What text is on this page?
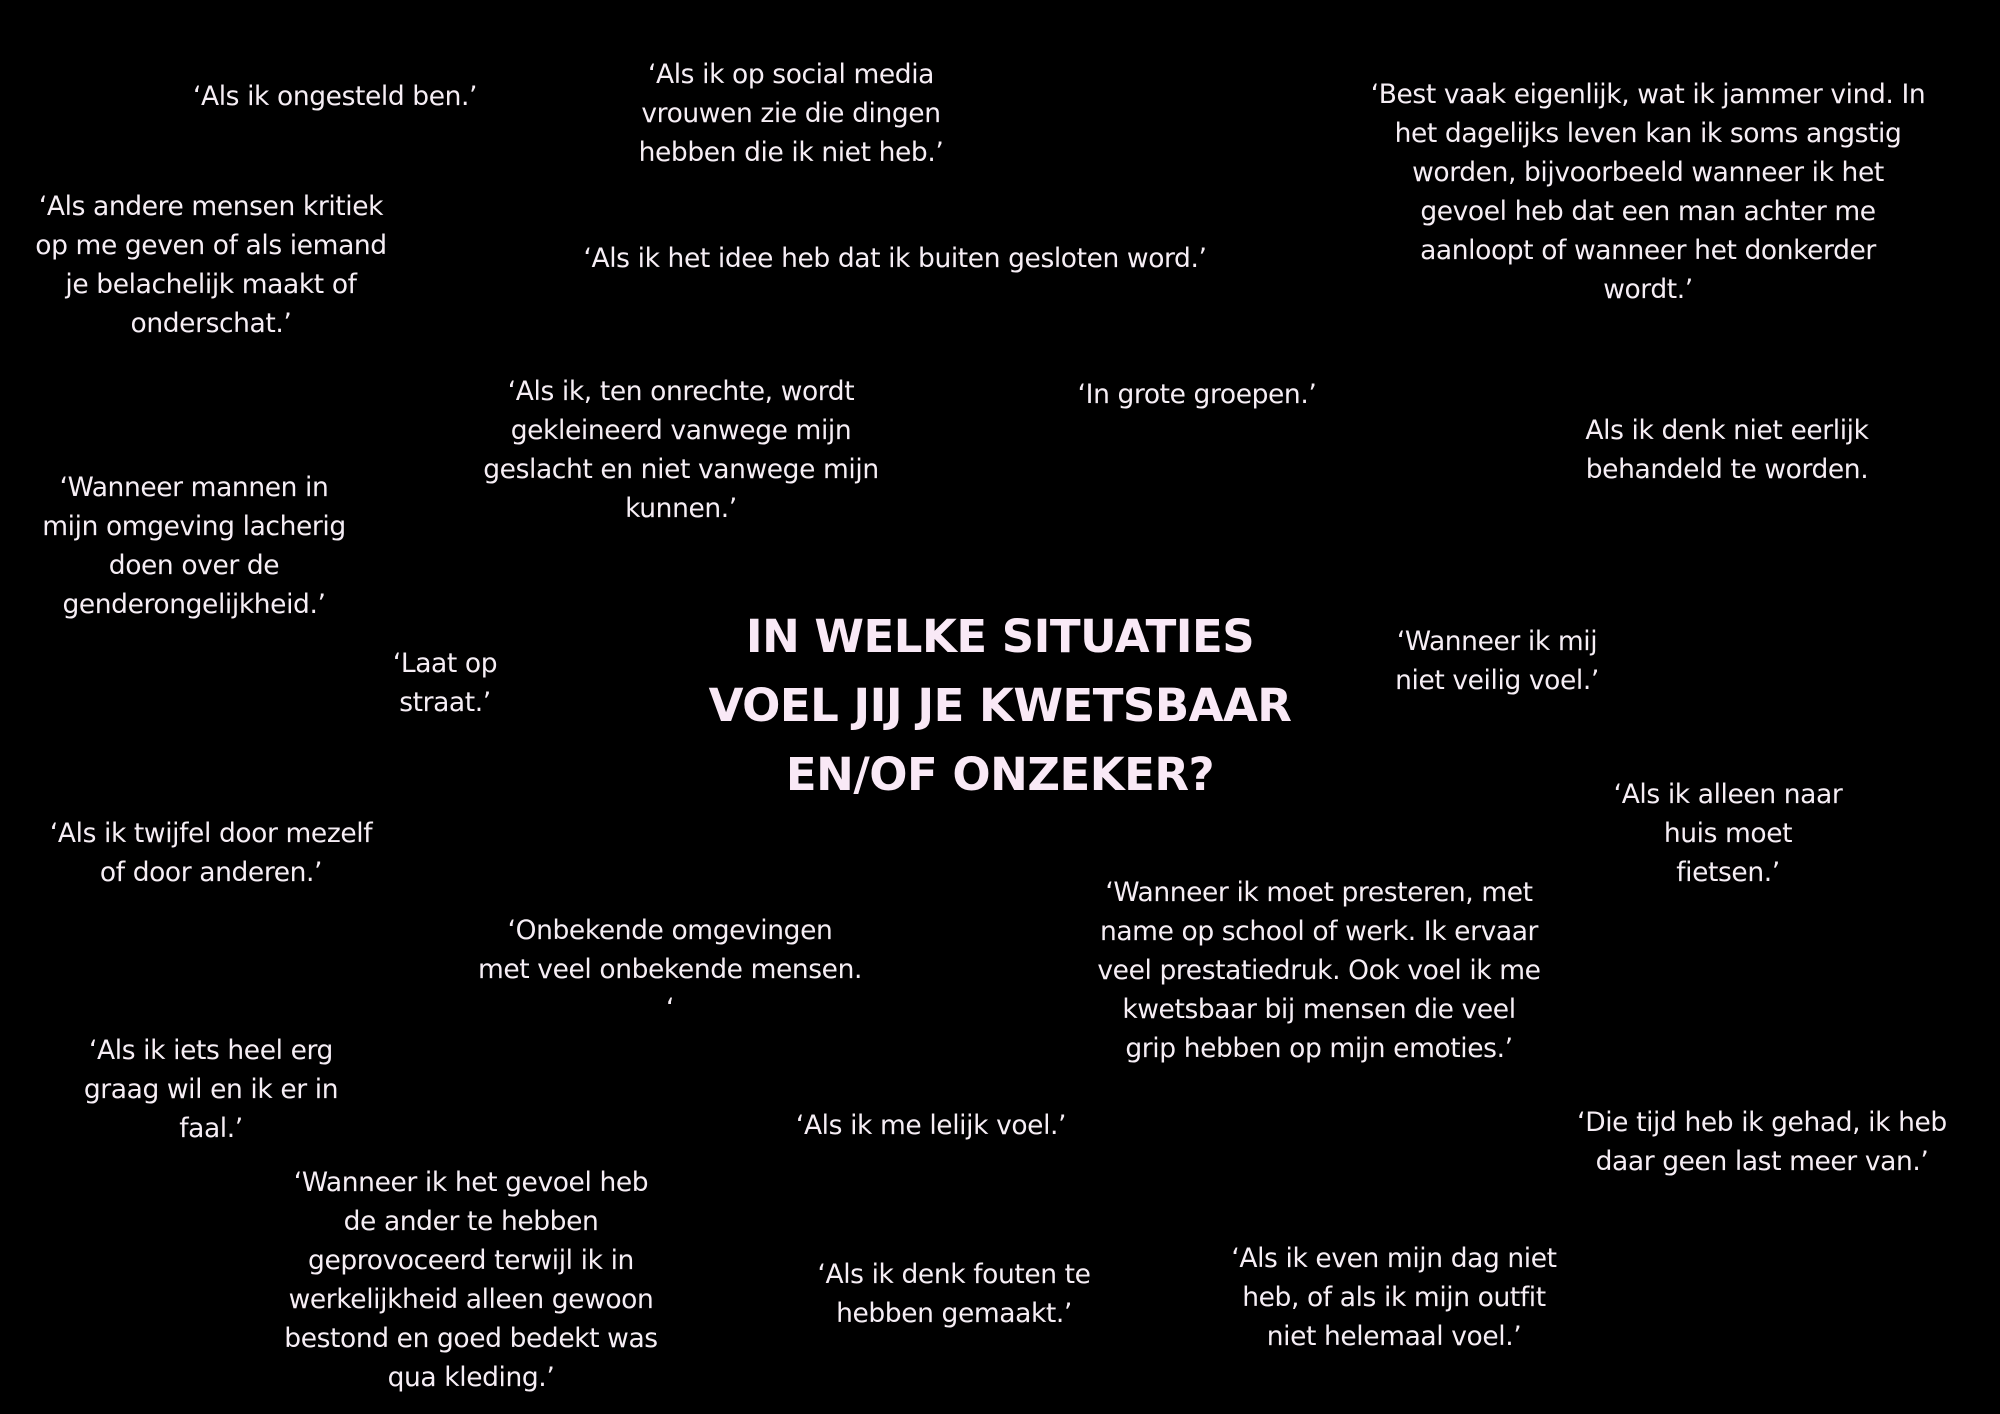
IN WELKE SITUATIES
VOEL JIJ JE KWETSBAAR
EN/OF ONZEKER?
‘Als ik ongesteld ben.’
‘Als ik op social media
vrouwen zie die dingen
hebben die ik niet heb.’
‘Best vaak eigenlijk, wat ik jammer vind. In
het dagelijks leven kan ik soms angstig
worden, bijvoorbeeld wanneer ik het
gevoel heb dat een man achter me
aanloopt of wanneer het donkerder
wordt.’
‘Als andere mensen kritiek
op me geven of als iemand
je belachelijk maakt of
onderschat.’
‘Als ik het idee heb dat ik buiten gesloten word.’
‘Als ik, ten onrechte, wordt
gekleineerd vanwege mijn
geslacht en niet vanwege mijn
kunnen.’
‘In grote groepen.’
Als ik denk niet eerlijk
behandeld te worden.
‘Wanneer mannen in
mijn omgeving lacherig
doen over de
genderongelijkheid.’
‘Wanneer ik mij
niet veilig voel.’
‘Laat op
straat.’
‘Als ik alleen naar
huis moet
fietsen.’
‘Als ik twijfel door mezelf
of door anderen.’
‘Wanneer ik moet presteren, met
name op school of werk. Ik ervaar
veel prestatiedruk. Ook voel ik me
kwetsbaar bij mensen die veel
grip hebben op mijn emoties.’
‘Onbekende omgevingen
met veel onbekende mensen.
‘
‘Als ik iets heel erg
graag wil en ik er in
faal.’	‘Als ik me lelijk voel.’	‘Die tijd heb ik gehad, ik heb
daar geen last meer van.’
‘Wanneer ik het gevoel heb
de ander te hebben
geprovoceerd terwijl ik in
werkelijkheid alleen gewoon
bestond en goed bedekt was
qua kleding.’
‘Als ik denk fouten te
hebben gemaakt.’
‘Als ik even mijn dag niet
heb, of als ik mijn outfit
niet helemaal voel.’
